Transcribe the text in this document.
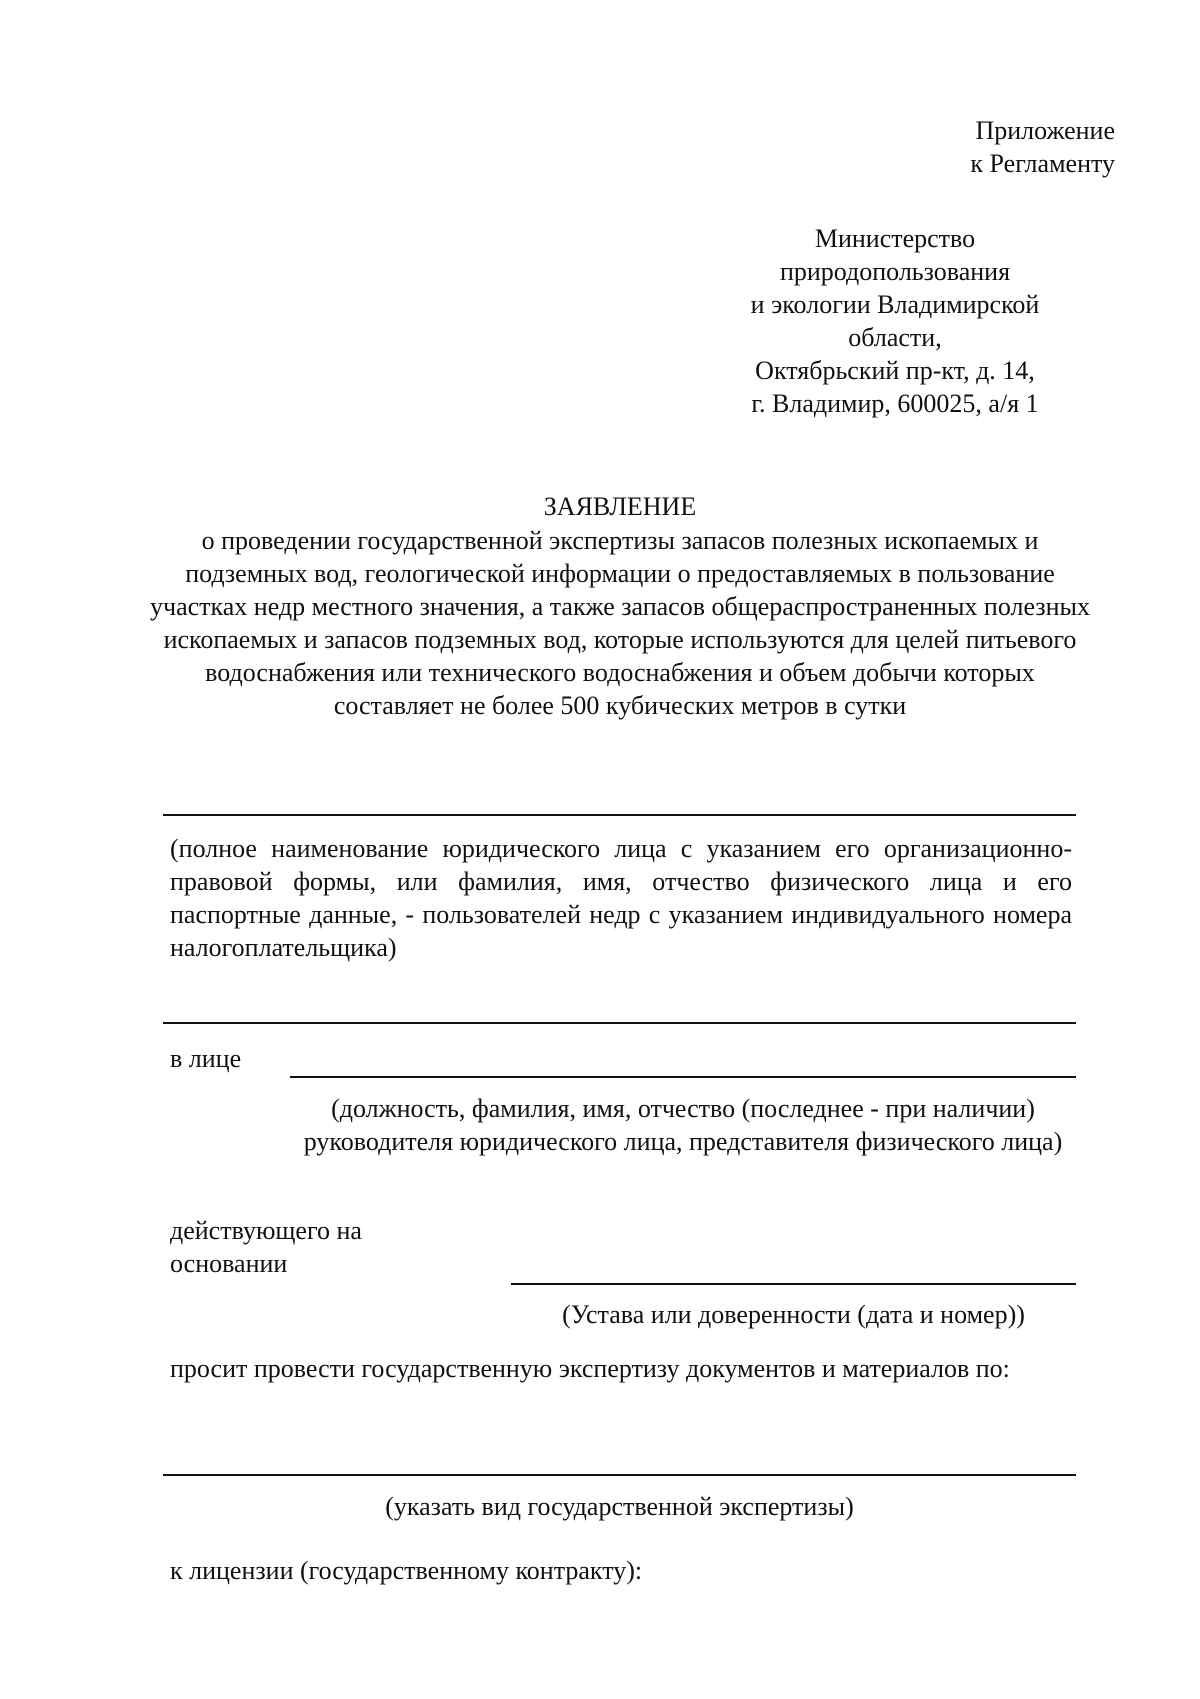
Приложение
к Регламенту
Министерство
природопользования
и экологии Владимирской
области,
Октябрьский пр-кт, д. 14,
г. Владимир, 600025, а/я 1
ЗАЯВЛЕНИЕ
о проведении государственной экспертизы запасов полезных ископаемых и подземных вод, геологической информации о предоставляемых в пользование участках недр местного значения, а также запасов общераспространенных полезных ископаемых и запасов подземных вод, которые используются для целей питьевого водоснабжения или технического водоснабжения и объем добычи которых составляет не более 500 кубических метров в сутки
(полное наименование юридического лица с указанием его организационно-правовой формы, или фамилия, имя, отчество физического лица и его паспортные данные, - пользователей недр с указанием индивидуального номера налогоплательщика)
в лице
(должность, фамилия, имя, отчество (последнее - при наличии) руководителя юридического лица, представителя физического лица)
действующего на
основании
(Устава или доверенности (дата и номер))
просит провести государственную экспертизу документов и материалов по:
(указать вид государственной экспертизы)
к лицензии (государственному контракту):
